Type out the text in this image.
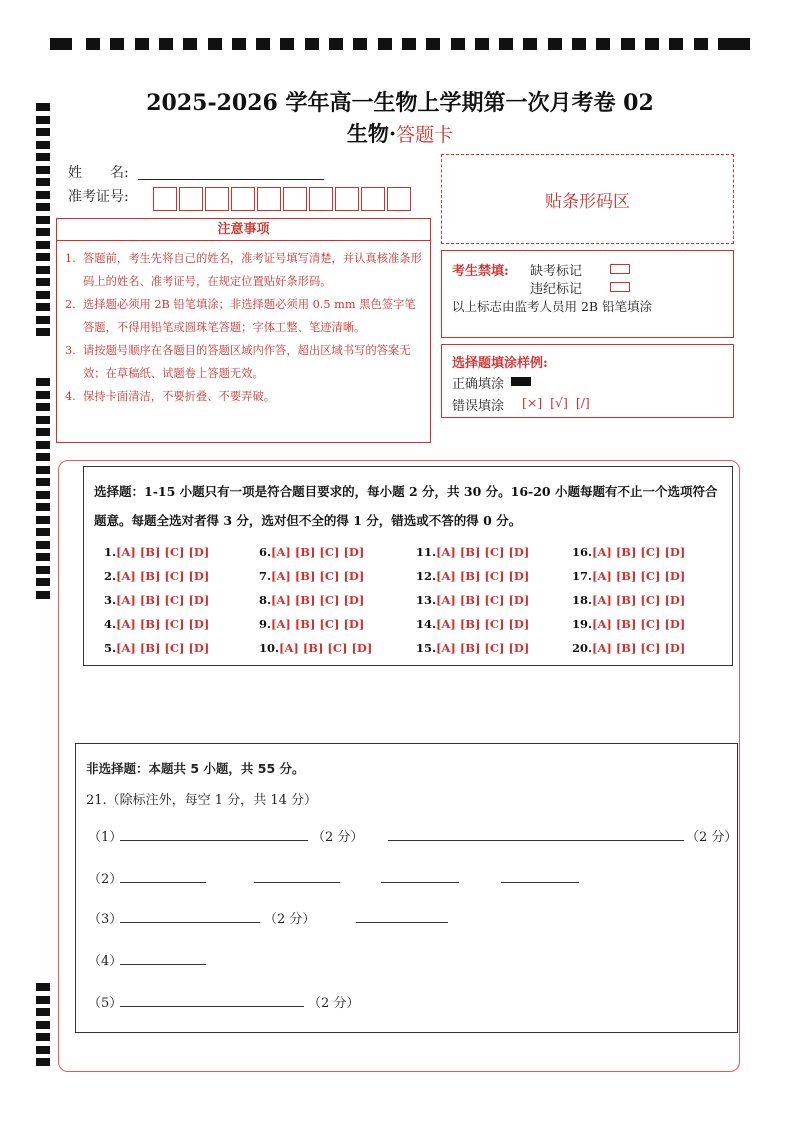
2025-2026 学年高一生物上学期第一次月考卷 02
生物·答题卡
姓　　名:
准考证号:	贴条形码区
注意事项
1. 答题前，考生先将自己的姓名，准考证号填写清楚，并认真核准条形码上的姓名、准考证号，在规定位置贴好条形码。
2. 选择题必须用 2B 铅笔填涂；非选择题必须用 0.5 mm 黑色签字笔答题，不得用铅笔或圆珠笔答题；字体工整、笔迹清晰。
3. 请按题号顺序在各题目的答题区域内作答，超出区域书写的答案无效；在草稿纸、试题卷上答题无效。
4. 保持卡面清洁，不要折叠、不要弄破。
考生禁填: 缺考标记
违纪标记
以上标志由监考人员用 2B 铅笔填涂
选择题填涂样例:
正确填涂
错误填涂 [×]  [√]  [/]
选择题：1-15 小题只有一项是符合题目要求的，每小题 2 分，共 30 分。16-20 小题每题有不止一个选项符合题意。每题全选对者得 3 分，选对但不全的得 1 分，错选或不答的得 0 分。
1.[A] [B] [C] [D]
2.[A] [B] [C] [D]
3.[A] [B] [C] [D]
4.[A] [B] [C] [D]
5.[A] [B] [C] [D]
6.[A] [B] [C] [D]
7.[A] [B] [C] [D]
8.[A] [B] [C] [D]
9.[A] [B] [C] [D]
10.[A] [B] [C] [D]
11.[A] [B] [C] [D]
12.[A] [B] [C] [D]
13.[A] [B] [C] [D]
14.[A] [B] [C] [D]
15.[A] [B] [C] [D]
16.[A] [B] [C] [D]
17.[A] [B] [C] [D]
18.[A] [B] [C] [D]
19.[A] [B] [C] [D]
20.[A] [B] [C] [D]
非选择题：本题共 5 小题，共 55 分。
21.（除标注外，每空 1 分，共 14 分）
（1）	（2 分）	（2 分）
（2）
（3）	（2 分）
（4）
（5）	（2 分）
